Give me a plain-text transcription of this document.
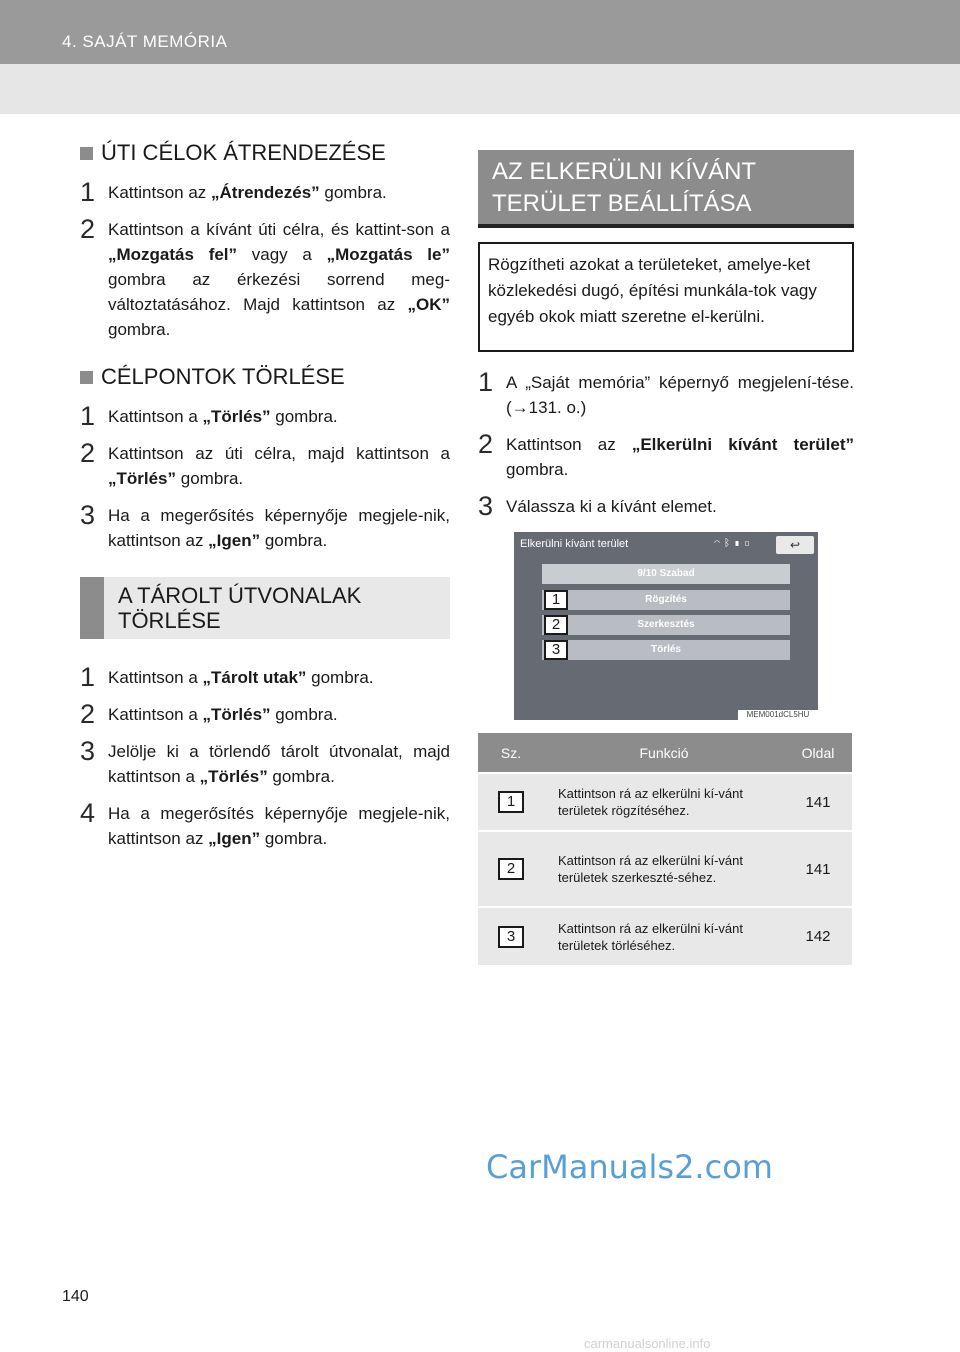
4. SAJÁT MEMÓRIA
ÚTI CÉLOK ÁTRENDEZÉSE
1 Kattintson az „Átrendezés” gombra.
2 Kattintson a kívánt úti célra, és kattint-son a „Mozgatás fel” vagy a „Mozgatás le” gombra az érkezési sorrend meg-változtatásához. Majd kattintson az „OK” gombra.
CÉLPONTOK TÖRLÉSE
1 Kattintson a „Törlés” gombra.
2 Kattintson az úti célra, majd kattintson a „Törlés” gombra.
3 Ha a megerősítés képernyője megjele-nik, kattintson az „Igen” gombra.
A TÁROLT ÚTVONALAK TÖRLÉSE
1 Kattintson a „Tárolt utak” gombra.
2 Kattintson a „Törlés” gombra.
3 Jelölje ki a törlendő tárolt útvonalat, majd kattintson a „Törlés” gombra.
4 Ha a megerősítés képernyője megjele-nik, kattintson az „Igen” gombra.
AZ ELKERÜLNI KÍVÁNT TERÜLET BEÁLLÍTÁSA
Rögzítheti azokat a területeket, amelye-ket közlekedési dugó, építési munkála-tok vagy egyéb okok miatt szeretne el-kerülni.
1 A „Saját memória” képernyő megjelení-tése. (→131. o.)
2 Kattintson az „Elkerülni kívánt terület” gombra.
3 Válassza ki a kívánt elemet.
Elkerülni kívánt terület	◠ᛒ▮▯	↩
9/10 Szabad
Rögzítés
Szerkesztés
Törlés
1
2
3
MEM001dCL5HU
Sz.	Funkció	Oldal
1	Kattintson rá az elkerülni kí-vánt területek rögzítéséhez.	141
2	Kattintson rá az elkerülni kí-vánt területek szerkeszté-séhez.	141
3	Kattintson rá az elkerülni kí-vánt területek törléséhez.	142
CarManuals2.com
140
carmanualsonline.info
